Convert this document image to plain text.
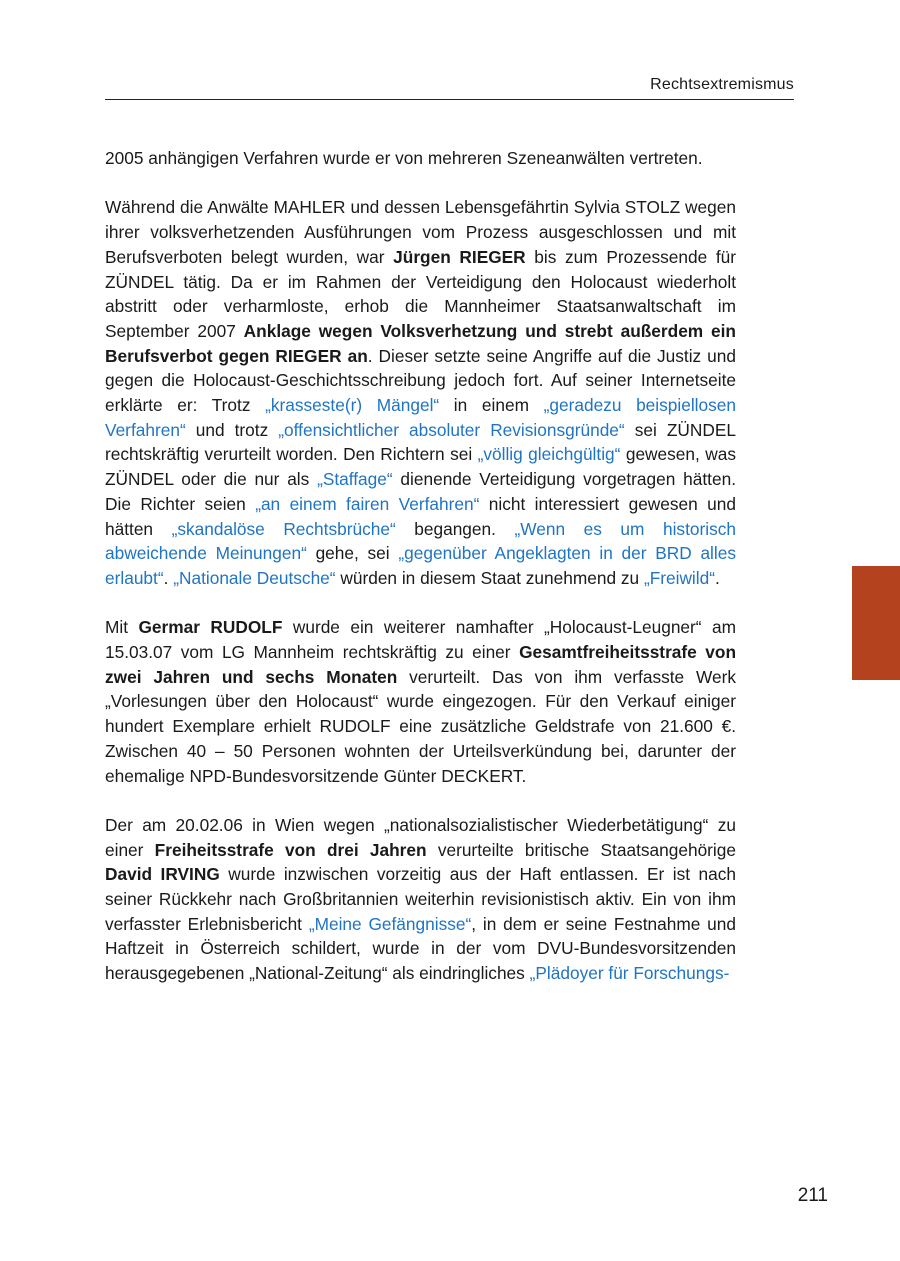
Rechtsextremismus

2005 anhängigen Verfahren wurde er von mehreren Szeneanwälten vertreten.

Während die Anwälte MAHLER und dessen Lebensgefährtin Sylvia STOLZ wegen ihrer volksverhetzenden Ausführungen vom Prozess ausgeschlossen und mit Berufsverboten belegt wurden, war Jürgen RIEGER bis zum Prozessende für ZÜNDEL tätig. Da er im Rahmen der Verteidigung den Holocaust wiederholt abstritt oder verharmloste, erhob die Mannheimer Staatsanwaltschaft im September 2007 Anklage wegen Volksverhetzung und strebt außerdem ein Berufsverbot gegen RIEGER an. Dieser setzte seine Angriffe auf die Justiz und gegen die Holocaust-Geschichtsschreibung jedoch fort. Auf seiner Internetseite erklärte er: Trotz „krasseste(r) Mängel“ in einem „geradezu beispiellosen Verfahren“ und trotz „offensichtlicher absoluter Revisionsgründe“ sei ZÜNDEL rechtskräftig verurteilt worden. Den Richtern sei „völlig gleichgültig“ gewesen, was ZÜNDEL oder die nur als „Staffage“ dienende Verteidigung vorgetragen hätten. Die Richter seien „an einem fairen Verfahren“ nicht interessiert gewesen und hätten „skandalöse Rechtsbrüche“ begangen. „Wenn es um historisch abweichende Meinungen“ gehe, sei „gegenüber Angeklagten in der BRD alles erlaubt“. „Nationale Deutsche“ würden in diesem Staat zunehmend zu „Freiwild“.

Mit Germar RUDOLF wurde ein weiterer namhafter „Holocaust-Leugner“ am 15.03.07 vom LG Mannheim rechtskräftig zu einer Gesamtfreiheitsstrafe von zwei Jahren und sechs Monaten verurteilt. Das von ihm verfasste Werk „Vorlesungen über den Holocaust“ wurde eingezogen. Für den Verkauf einiger hundert Exemplare erhielt RUDOLF eine zusätzliche Geldstrafe von 21.600 €. Zwischen 40 – 50 Personen wohnten der Urteilsverkündung bei, darunter der ehemalige NPD-Bundesvorsitzende Günter DECKERT.

Der am 20.02.06 in Wien wegen „nationalsozialistischer Wiederbetätigung“ zu einer Freiheitsstrafe von drei Jahren verurteilte britische Staatsangehörige David IRVING wurde inzwischen vorzeitig aus der Haft entlassen. Er ist nach seiner Rückkehr nach Großbritannien weiterhin revisionistisch aktiv. Ein von ihm verfasster Erlebnisbericht „Meine Gefängnisse“, in dem er seine Festnahme und Haftzeit in Österreich schildert, wurde in der vom DVU-Bundesvorsitzenden herausgegebenen „National-Zeitung“ als eindringliches „Plädoyer für Forschungs-

211
